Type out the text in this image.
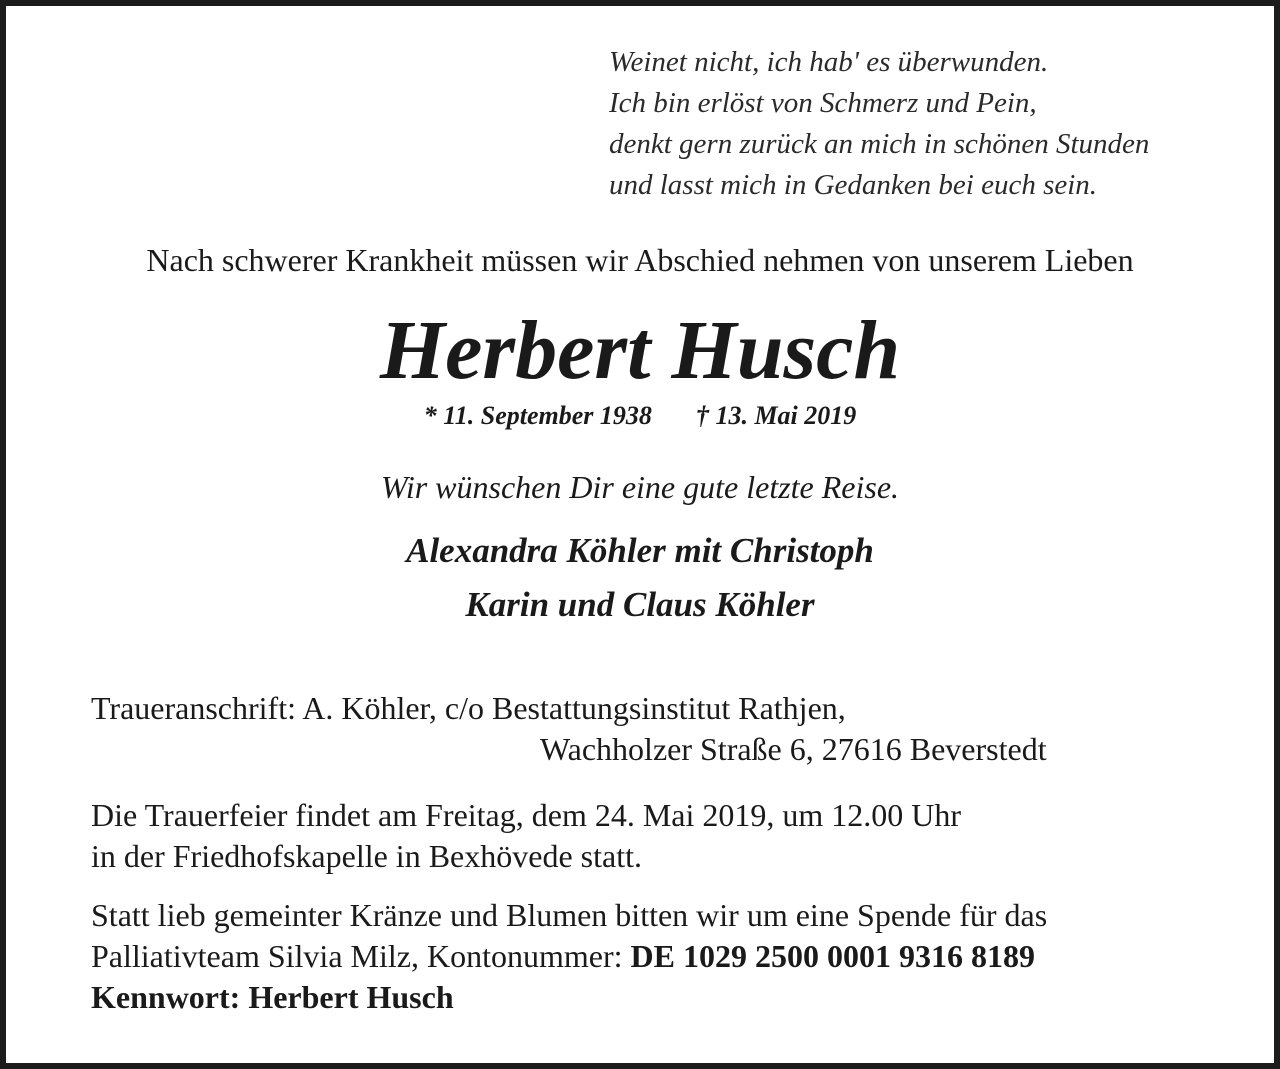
Weinet nicht, ich hab' es überwunden.
Ich bin erlöst von Schmerz und Pein,
denkt gern zurück an mich in schönen Stunden
und lasst mich in Gedanken bei euch sein.
Nach schwerer Krankheit müssen wir Abschied nehmen von unserem Lieben
Herbert Husch
* 11. September 1938 † 13. Mai 2019
Wir wünschen Dir eine gute letzte Reise.
Alexandra Köhler mit Christoph
Karin und Claus Köhler
Traueranschrift: A. Köhler, c/o Bestattungsinstitut Rathjen,
Wachholzer Straße 6, 27616 Beverstedt
Die Trauerfeier findet am Freitag, dem 24. Mai 2019, um 12.00 Uhr
in der Friedhofskapelle in Bexhövede statt.
Statt lieb gemeinter Kränze und Blumen bitten wir um eine Spende für das
Palliativteam Silvia Milz, Kontonummer: DE 1029 2500 0001 9316 8189
Kennwort: Herbert Husch
